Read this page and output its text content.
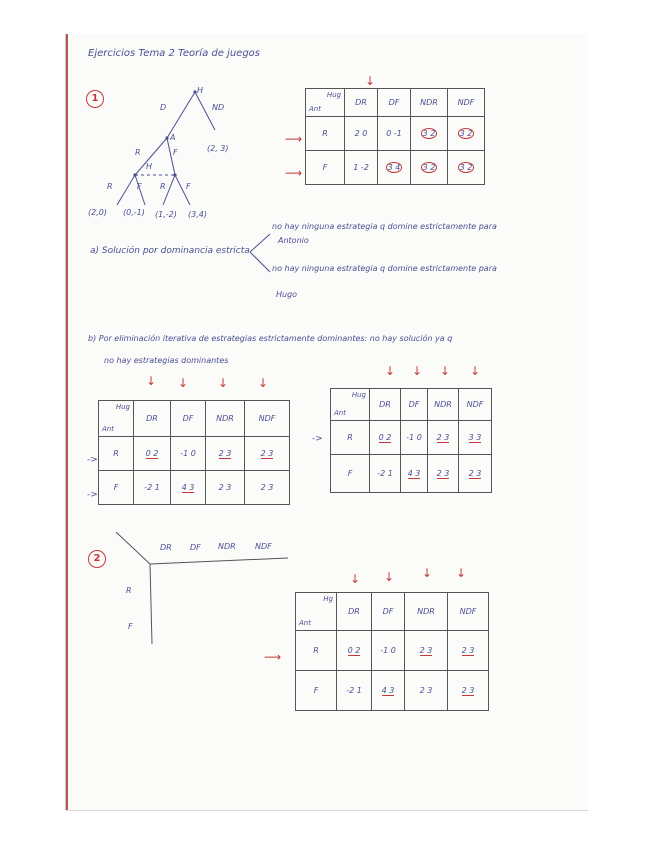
Ejercicios Tema 2 Teoría de juegos
1
H
D	ND
(2, 3)
A
R	F
H
R	F R	F
(2,0) (0,-1) (1,-2) (3,4)
↓
⟶
⟶
Hug
Ant	DR	DF	NDR	NDF
R	2 0	0 -1	3 2	3 2
F	1 -2	3 4	3 2	3 2
a) Solución por dominancia estricta
no hay ninguna estrategia q domine estrictamente para
Antonio
no hay ninguna estrategia q domine estrictamente para
Hugo
b) Por eliminación iterativa de estrategias estrictamente dominantes: no hay solución ya q
no hay estrategias dominantes
↓ ↓ ↓ ↓
->
->
Hug
Ant	DR	DF	NDR	NDF
R	0 2	-1 0	2 3	2 3
F	-2 1	4 3	2 3	2 3
↓ ↓ ↓ ↓
->
Hug
Ant	DR	DF	NDR	NDF
R	0 2	-1 0	2 3	3 3
F	-2 1	4 3	2 3	2 3
2
DR DF NDR NDF
R
F
↓ ↓ ↓ ↓
⟶
Hg
Ant	DR	DF	NDR	NDF
R	0 2	-1 0	2 3	2 3
F	-2 1	4 3	2 3	2 3
